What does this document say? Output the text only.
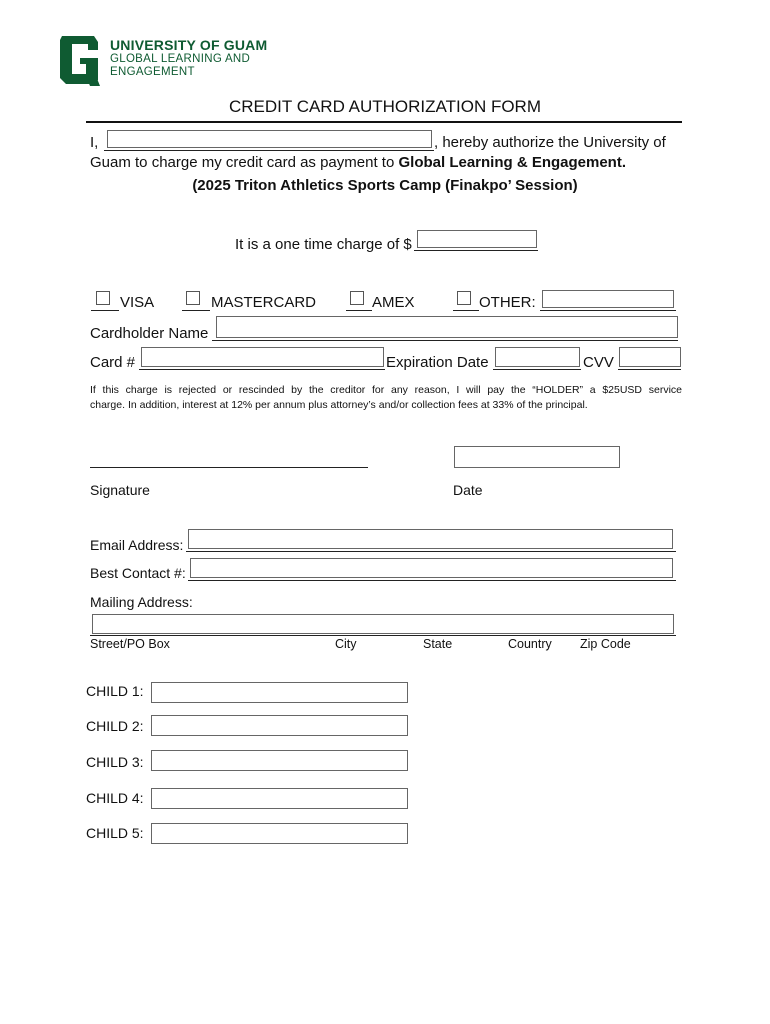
UNIVERSITY OF GUAM
GLOBAL LEARNING AND
ENGAGEMENT
CREDIT CARD AUTHORIZATION FORM
I,	, hereby authorize the University of
Guam to charge my credit card as payment to Global Learning & Engagement.
(2025 Triton Athletics Sports Camp (Finakpo’ Session)
It is a one time charge of $
VISA	MASTERCARD	AMEX	OTHER:
Cardholder Name
Card #	Expiration Date	CVV
If this charge is rejected or rescinded by the creditor for any reason, I will pay the “HOLDER” a $25USD service
charge. In addition, interest at 12% per annum plus attorney’s and/or collection fees at 33% of the principal.
Signature	Date
Email Address:
Best Contact #:
Mailing Address:
Street/PO Box	City	State	Country Zip Code
CHILD 1:
CHILD 2:
CHILD 3:
CHILD 4:
CHILD 5:
